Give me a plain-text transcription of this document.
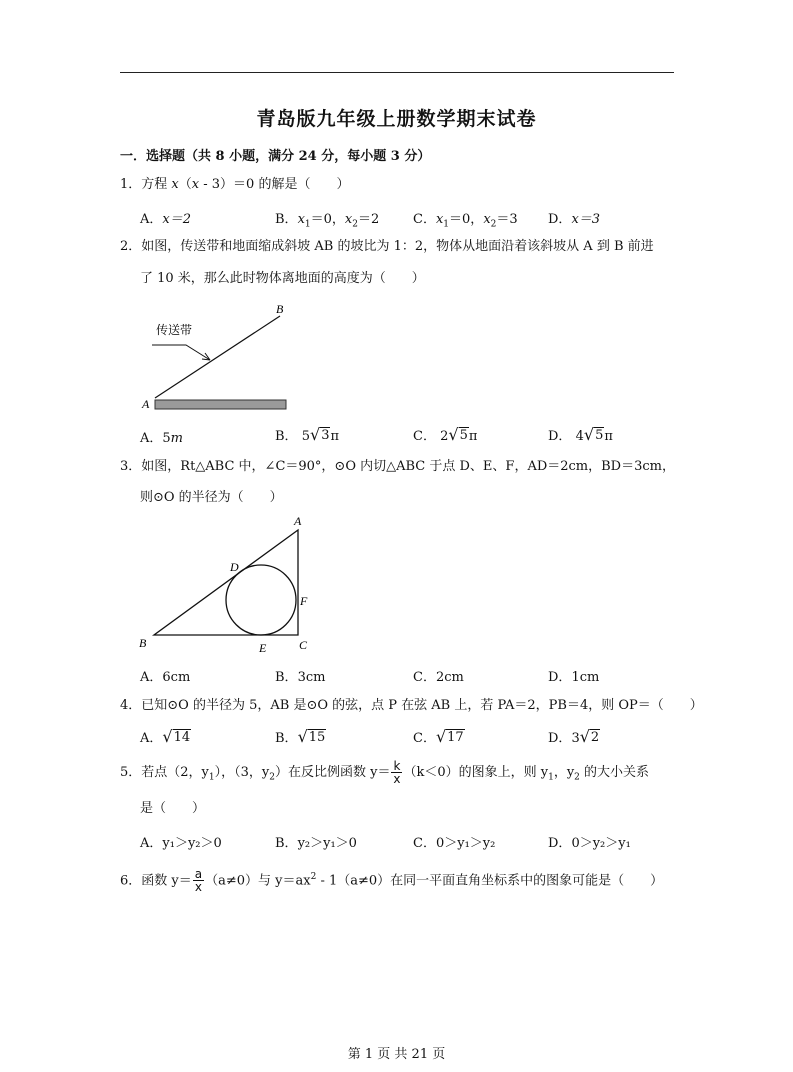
青岛版九年级上册数学期末试卷
一．选择题（共 8 小题，满分 24 分，每小题 3 分）
1．方程 x（x - 3）＝0 的解是（　　）
A．x＝2	B．$x_1=0$，$x_2=2$	C．$x_1=0$，$x_2=3$ D．x＝3
2．如图，传送带和地面缩成斜坡 AB 的坡比为 1：2，物体从地面沿着该斜坡从 A 到 B 前进
了 10 米，那么此时物体离地面的高度为（　　）
传送带
A
B
A．5m	B． 5 √ 3 π	C． 2 √ 5 π	D． 4 √ 5 π
3．如图，Rt△ABC 中，∠C＝90°，⊙O 内切△ABC 于点 D、E、F，AD＝2cm，BD＝3cm，
则⊙O 的半径为（　　）
A
B	C
D
E
F
A．6cm	B．3cm	C．2cm	D．1cm
4．已知⊙O 的半径为 5，AB 是⊙O 的弦，点 P 在弦 AB 上，若 PA＝2，PB＝4，则 OP＝（　　）
A． √ 14	B． √ 15	C． √ 17	D．3 √ 2
5．若点（2，$y_1$），（3，$y_2$）在反比例函数 $y= \frac{k}{x} (k<0)$的图象上，则 $y_1$，$y_2$ 的大小关系
是（　　）
A．y₁＞y₂＞0	B．y₂＞y₁＞0	C．0＞y₁＞y₂	D．0＞y₂＞y₁
6．函数 $y= \frac{a}{x} (a\ne 0)$与 $y=ax^2 - 1(a\ne 0)$在同一平面直角坐标系中的图象可能是（　　）
第 1 页 共 21 页
